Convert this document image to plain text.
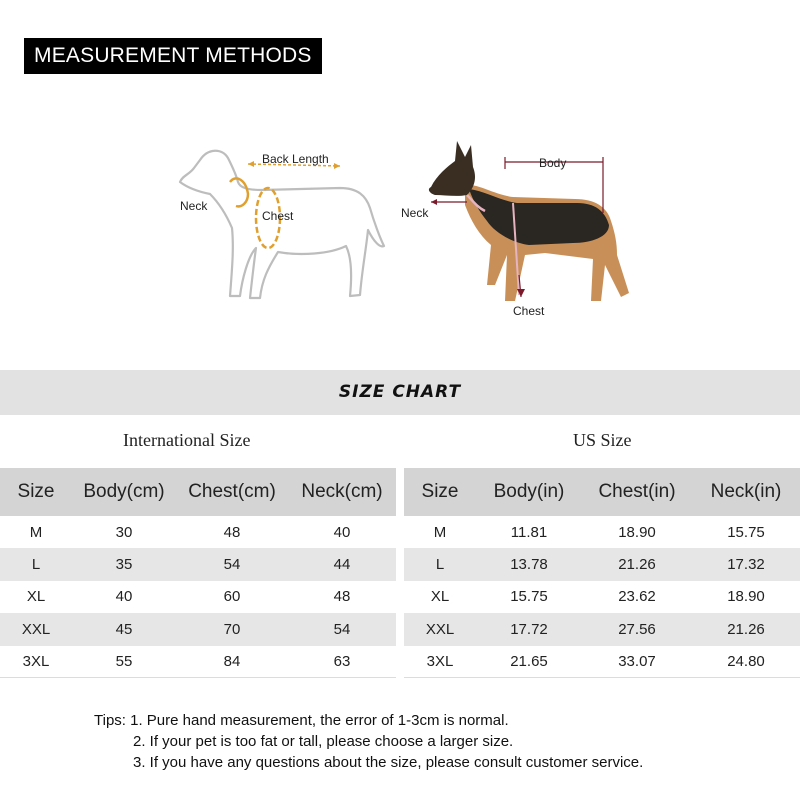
MEASUREMENT METHODS
Back Length
Neck
Chest
Body
Neck
Chest
SIZE CHART
International Size	US Size
Size	Body(cm)	Chest(cm)	Neck(cm)
M	30	48	40
L	35	54	44
XL	40	60	48
XXL	45	70	54
3XL	55	84	63
Size	Body(in)	Chest(in)	Neck(in)
M	11.81	18.90	15.75
L	13.78	21.26	17.32
XL	15.75	23.62	18.90
XXL	17.72	27.56	21.26
3XL	21.65	33.07	24.80
Tips: 1. Pure hand measurement, the error of 1-3cm is normal.
2. If your pet is too fat or tall, please choose a larger size.
3. If you have any questions about the size, please consult customer service.
